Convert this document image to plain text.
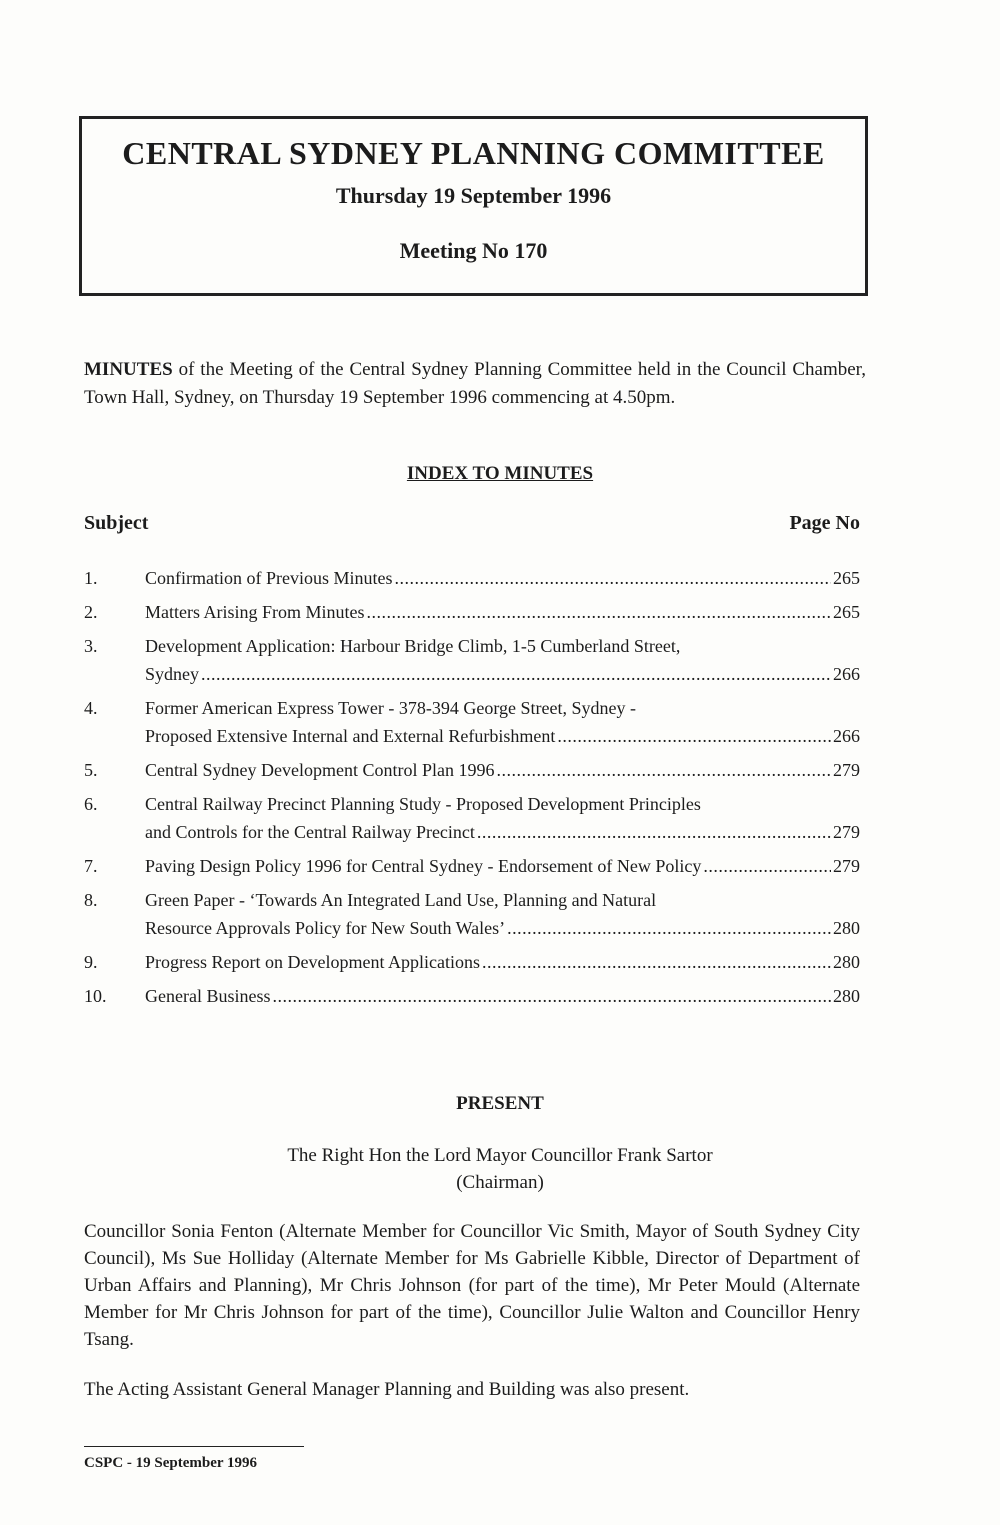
CENTRAL SYDNEY PLANNING COMMITTEE
Thursday 19 September 1996
Meeting No 170
MINUTES of the Meeting of the Central Sydney Planning Committee held in the Council Chamber, Town Hall, Sydney, on Thursday 19 September 1996 commencing at 4.50pm.
INDEX TO MINUTES
Subject	Page No
1.	Confirmation of Previous Minutes .....	265
2.	Matters Arising From Minutes .....	265
3.	Development Application: Harbour Bridge Climb, 1-5 Cumberland Street,
Sydney .....	266
4.	Former American Express Tower - 378-394 George Street, Sydney -
Proposed Extensive Internal and External Refurbishment .....	266
5.	Central Sydney Development Control Plan 1996 .....	279
6.	Central Railway Precinct Planning Study - Proposed Development Principles
and Controls for the Central Railway Precinct .....	279
7.	Paving Design Policy 1996 for Central Sydney - Endorsement of New Policy .....	279
8.	Green Paper - ‘Towards An Integrated Land Use, Planning and Natural
Resource Approvals Policy for New South Wales’ .....	280
9.	Progress Report on Development Applications .....	280
10.	General Business .....	280
PRESENT
The Right Hon the Lord Mayor Councillor Frank Sartor
(Chairman)
Councillor Sonia Fenton (Alternate Member for Councillor Vic Smith, Mayor of South Sydney City Council), Ms Sue Holliday (Alternate Member for Ms Gabrielle Kibble, Director of Department of Urban Affairs and Planning), Mr Chris Johnson (for part of the time), Mr Peter Mould (Alternate Member for Mr Chris Johnson for part of the time), Councillor Julie Walton and Councillor Henry Tsang.
The Acting Assistant General Manager Planning and Building was also present.
CSPC - 19 September 1996
